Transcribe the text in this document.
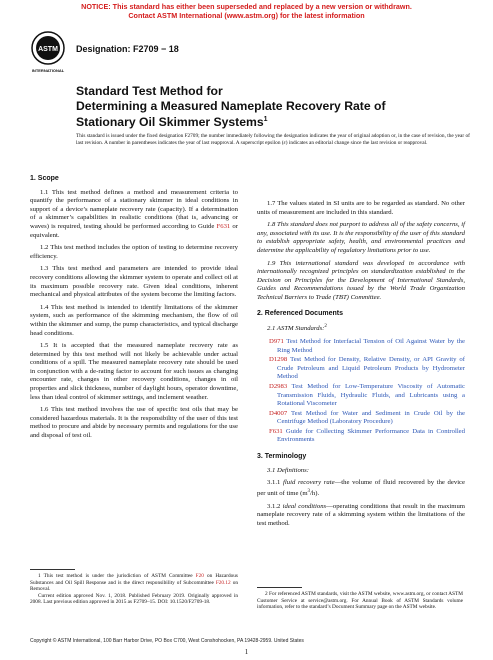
NOTICE: This standard has either been superseded and replaced by a new version or withdrawn.
Contact ASTM International (www.astm.org) for the latest information
ASTM
INTERNATIONAL
Designation: F2709 − 18
Standard Test Method for
Determining a Measured Nameplate Recovery Rate of
Stationary Oil Skimmer Systems$^1$
This standard is issued under the fixed designation F2709; the number immediately following the designation indicates the year of original adoption or, in the case of revision, the year of last revision. A number in parentheses indicates the year of last reapproval. A superscript epsilon (ε) indicates an editorial change since the last revision or reapproval.
1. Scope

1.1 This test method defines a method and measurement criteria to quantify the performance of a stationary skimmer in ideal conditions in support of a device’s nameplate recovery rate (capacity). If a determination of a skimmer’s capabilities in realistic conditions (that is, advancing or waves) is required, testing should be performed according to Guide F631 or equivalent.

1.2 This test method includes the option of testing to determine recovery efficiency.

1.3 This test method and parameters are intended to provide ideal recovery conditions allowing the skimmer system to operate and collect oil at its maximum possible recovery rate. Given ideal conditions, inherent mechanical and physical attributes of the system become the limiting factors.

1.4 This test method is intended to identify limitations of the skimmer system, such as performance of the skimming mechanism, the flow of oil within the skimmer and sump, the pump characteristics, and typical discharge head conditions.

1.5 It is accepted that the measured nameplate recovery rate as determined by this test method will not likely be achievable under actual conditions of a spill. The measured nameplate recovery rate should be used in conjunction with a de-rating factor to account for such issues as changing encounter rate, changes in other recovery conditions, changes in oil properties and slick thickness, number of daylight hours, operator downtime, less than ideal control of skimmer settings, and inclement weather.

1.6 This test method involves the use of specific test oils that may be considered hazardous materials. It is the responsibility of the user of this test method to procure and abide by necessary permits and regulations for the use and disposal of test oil.

1 This test method is under the jurisdiction of ASTM Committee F20 on Hazardous Substances and Oil Spill Response and is the direct responsibility of Subcommittee F20.12 on Removal.
Current edition approved Nov. 1, 2018. Published February 2019. Originally approved in 2008. Last previous edition approved in 2015 as F2709–15. DOI: 10.1520/F2709-18.

1.7 The values stated in SI units are to be regarded as standard. No other units of measurement are included in this standard.

1.8 This standard does not purport to address all of the safety concerns, if any, associated with its use. It is the responsibility of the user of this standard to establish appropriate safety, health, and environmental practices and determine the applicability of regulatory limitations prior to use.

1.9 This international standard was developed in accordance with internationally recognized principles on standardization established in the Decision on Principles for the Development of International Standards, Guides and Recommendations issued by the World Trade Organization Technical Barriers to Trade (TBT) Committee.

2. Referenced Documents

2.1 ASTM Standards:$^2$

D971 Test Method for Interfacial Tension of Oil Against Water by the Ring Method
D1298 Test Method for Density, Relative Density, or API Gravity of Crude Petroleum and Liquid Petroleum Products by Hydrometer Method
D2983 Test Method for Low-Temperature Viscosity of Automatic Transmission Fluids, Hydraulic Fluids, and Lubricants using a Rotational Viscometer
D4007 Test Method for Water and Sediment in Crude Oil by the Centrifuge Method (Laboratory Procedure)
F631 Guide for Collecting Skimmer Performance Data in Controlled Environments
3. Terminology

3.1 Definitions:

3.1.1 fluid recovery rate—the volume of fluid recovered by the device per unit of time $(m^3/h)$.

3.1.2 ideal conditions—operating conditions that result in the maximum nameplate recovery rate of a skimming system within the limitations of the test method.

2 For referenced ASTM standards, visit the ASTM website, www.astm.org, or contact ASTM Customer Service at service@astm.org. For Annual Book of ASTM Standards volume information, refer to the standard’s Document Summary page on the ASTM website.
Copyright © ASTM International, 100 Barr Harbor Drive, PO Box C700, West Conshohocken, PA 19428-2959. United States
1
